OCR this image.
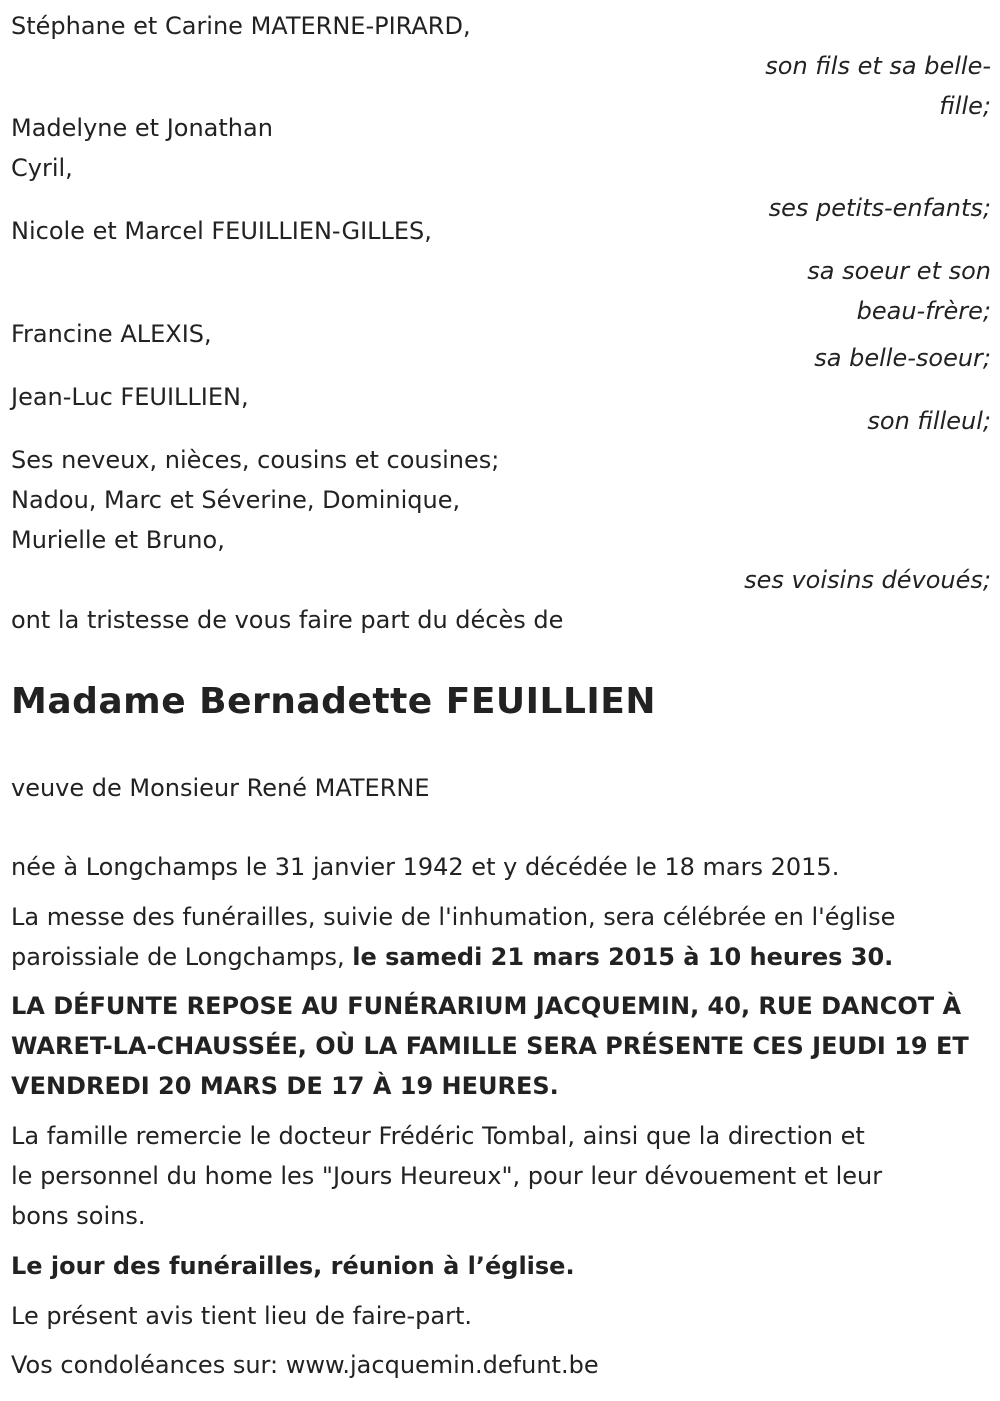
Stéphane et Carine MATERNE-PIRARD,
son fils et sa belle-
fille;
Madelyne et Jonathan
Cyril,
ses petits-enfants;
Nicole et Marcel FEUILLIEN-GILLES,
sa soeur et son
beau-frère;
Francine ALEXIS,
sa belle-soeur;
Jean-Luc FEUILLIEN,
son filleul;
Ses neveux, nièces, cousins et cousines;
Nadou, Marc et Séverine, Dominique,
Murielle et Bruno,
ses voisins dévoués;
ont la tristesse de vous faire part du décès de
Madame Bernadette FEUILLIEN
veuve de Monsieur René MATERNE
née à Longchamps le 31 janvier 1942 et y décédée le 18 mars 2015.
La messe des funérailles, suivie de l'inhumation, sera célébrée en l'église
paroissiale de Longchamps, le samedi 21 mars 2015 à 10 heures 30.
LA DÉFUNTE REPOSE AU FUNÉRARIUM JACQUEMIN, 40, RUE DANCOT À
WARET-LA-CHAUSSÉE, OÙ LA FAMILLE SERA PRÉSENTE CES JEUDI 19 ET
VENDREDI 20 MARS DE 17 À 19 HEURES.
La famille remercie le docteur Frédéric Tombal, ainsi que la direction et
le personnel du home les "Jours Heureux", pour leur dévouement et leur
bons soins.
Le jour des funérailles, réunion à l’église.
Le présent avis tient lieu de faire-part.
Vos condoléances sur: www.jacquemin.defunt.be
